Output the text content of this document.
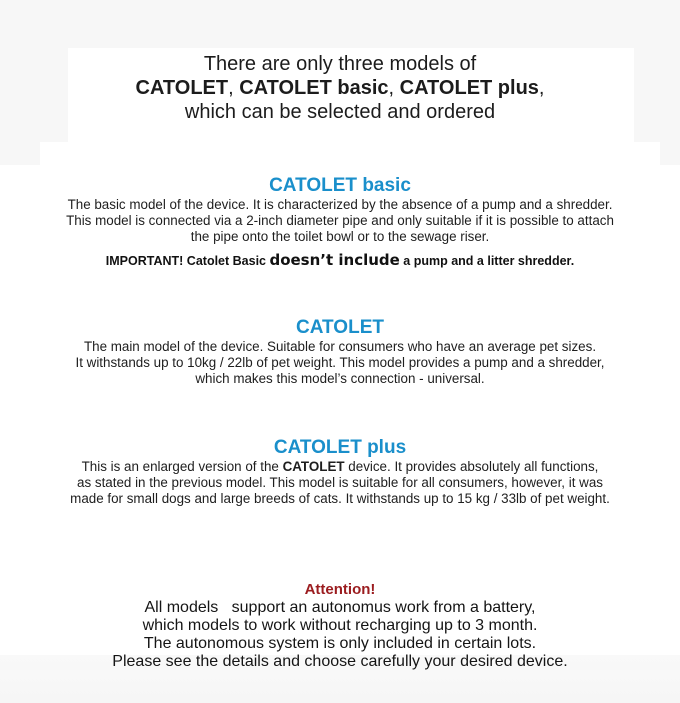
There are only three models of
CATOLET, CATOLET basic, CATOLET plus,
which can be selected and ordered
CATOLET basic

The basic model of the device. It is characterized by the absence of a pump and a shredder.
This model is connected via a 2-inch diameter pipe and only suitable if it is possible to attach
the pipe onto the toilet bowl or to the sewage riser.

IMPORTANT! Catolet Basic doesn’t include a pump and a litter shredder.
CATOLET

The main model of the device. Suitable for consumers who have an average pet sizes.
It withstands up to 10kg / 22lb of pet weight. This model provides a pump and a shredder,
which makes this model’s connection - universal.

CATOLET plus

This is an enlarged version of the CATOLET device. It provides absolutely all functions,
as stated in the previous model. This model is suitable for all consumers, however, it was
made for small dogs and large breeds of cats. It withstands up to 15 kg / 33lb of pet weight.

Attention!

All models   support an autonomus work from a battery,
which models to work without recharging up to 3 month.
The autonomous system is only included in certain lots.
Please see the details and choose carefully your desired device.
